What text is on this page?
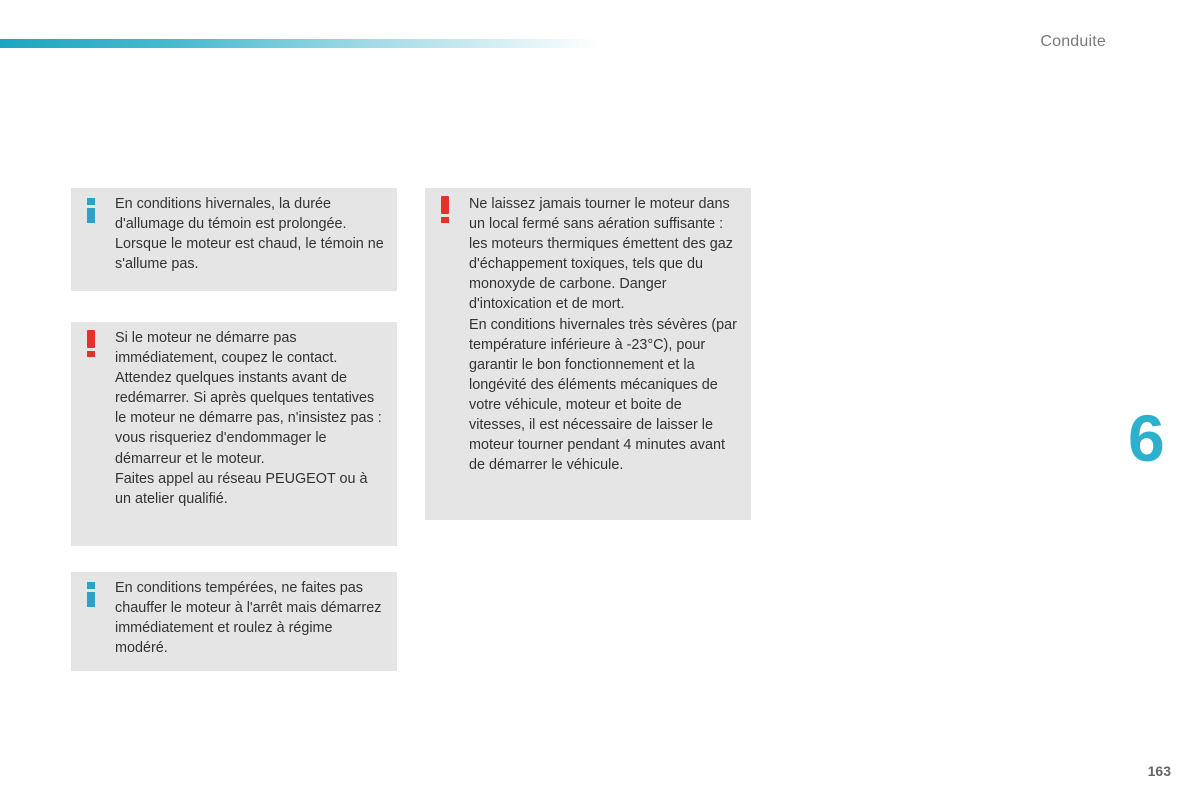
Conduite

En conditions hivernales, la durée d'allumage du témoin est prolongée. Lorsque le moteur est chaud, le témoin ne s'allume pas.

Si le moteur ne démarre pas immédiatement, coupez le contact. Attendez quelques instants avant de redémarrer. Si après quelques tentatives le moteur ne démarre pas, n'insistez pas : vous risqueriez d'endommager le démarreur et le moteur.

Faites appel au réseau PEUGEOT ou à un atelier qualifié.

En conditions tempérées, ne faites pas chauffer le moteur à l'arrêt mais démarrez immédiatement et roulez à régime modéré.

Ne laissez jamais tourner le moteur dans un local fermé sans aération suffisante : les moteurs thermiques émettent des gaz d'échappement toxiques, tels que du monoxyde de carbone. Danger d'intoxication et de mort.

En conditions hivernales très sévères (par température inférieure à -23°C), pour garantir le bon fonctionnement et la longévité des éléments mécaniques de votre véhicule, moteur et boite de vitesses, il est nécessaire de laisser le moteur tourner pendant 4 minutes avant de démarrer le véhicule.	6
163
